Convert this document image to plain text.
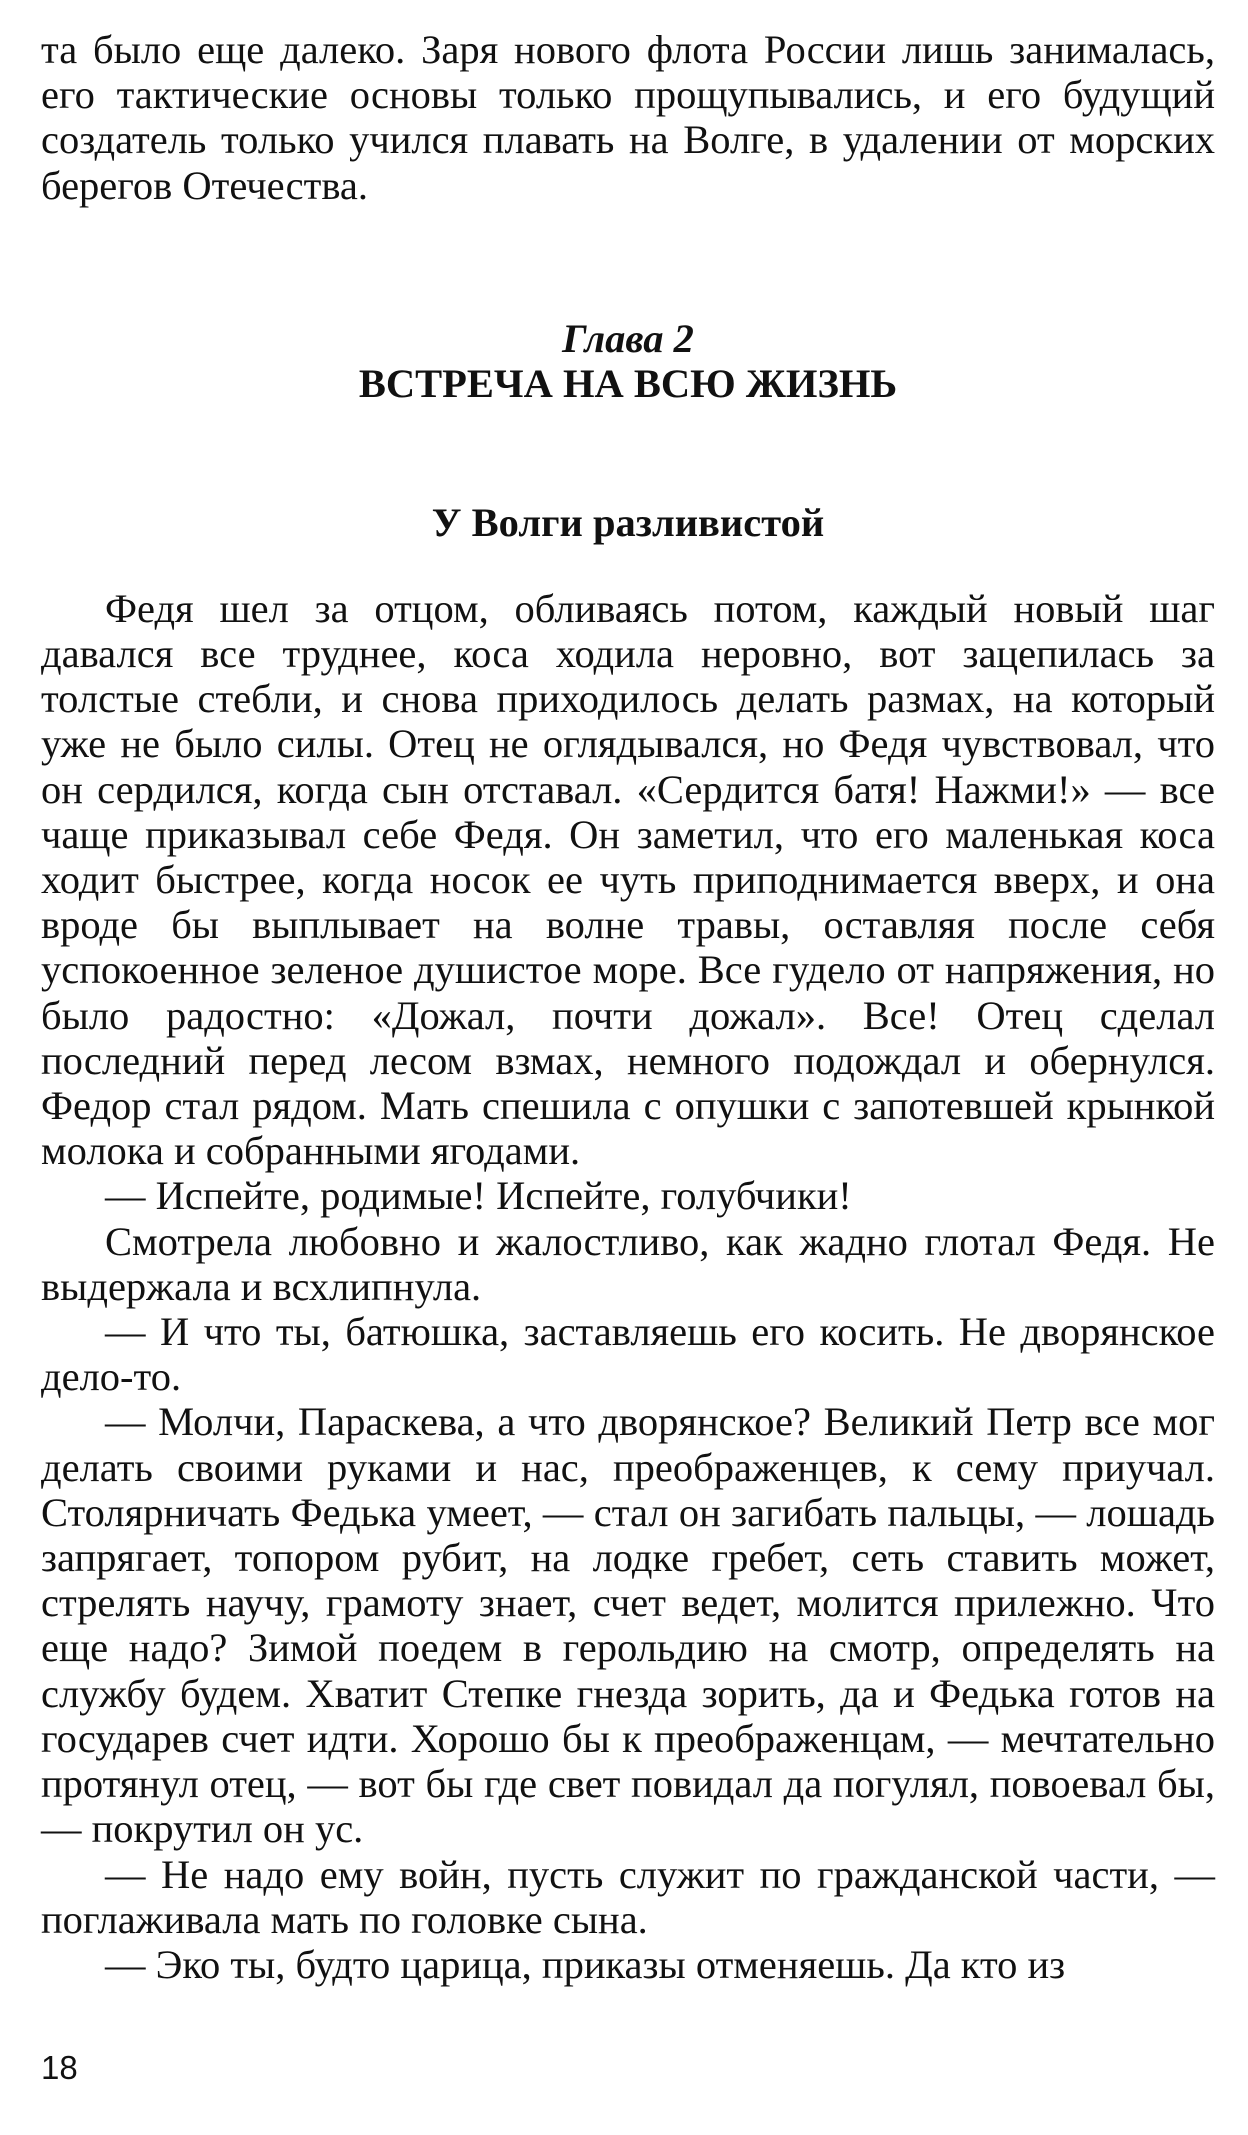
та было еще далеко. Заря нового флота России лишь занималась, его тактические основы только прощупывались, и его будущий создатель только учился плавать на Волге, в удалении от морских берегов Отечества.

Глава 2
ВСТРЕЧА НА ВСЮ ЖИЗНЬ
У Волги разливистой

Федя шел за отцом, обливаясь потом, каждый новый шаг давался все труднее, коса ходила неровно, вот зацепилась за толстые стебли, и снова приходилось делать размах, на который уже не было силы. Отец не оглядывался, но Федя чувствовал, что он сердился, когда сын отставал. «Сердится батя! Нажми!» — все чаще приказывал себе Федя. Он заметил, что его маленькая коса ходит быстрее, когда носок ее чуть приподнимается вверх, и она вроде бы выплывает на волне травы, оставляя после себя успокоенное зеленое душистое море. Все гудело от напряжения, но было радостно: «Дожал, почти дожал». Все! Отец сделал последний перед лесом взмах, немного подождал и обернулся. Федор стал рядом. Мать спешила с опушки с запотевшей крынкой молока и собранными ягодами.

— Испейте, родимые! Испейте, голубчики!

Смотрела любовно и жалостливо, как жадно глотал Федя. Не выдержала и всхлипнула.

— И что ты, батюшка, заставляешь его косить. Не дворянское дело-то.

— Молчи, Параскева, а что дворянское? Великий Петр все мог делать своими руками и нас, преображенцев, к сему приучал. Столярничать Федька умеет, — стал он загибать пальцы, — лошадь запрягает, топором рубит, на лодке гребет, сеть ставить может, стрелять научу, грамоту знает, счет ведет, молится прилежно. Что еще надо? Зимой поедем в герольдию на смотр, определять на службу будем. Хватит Степке гнезда зорить, да и Федька готов на государев счет идти. Хорошо бы к преображенцам, — мечтательно протянул отец, — вот бы где свет повидал да погулял, повоевал бы, — покрутил он ус.

— Не надо ему войн, пусть служит по гражданской части, — поглаживала мать по головке сына.

— Эко ты, будто царица, приказы отменяешь. Да кто из

18
